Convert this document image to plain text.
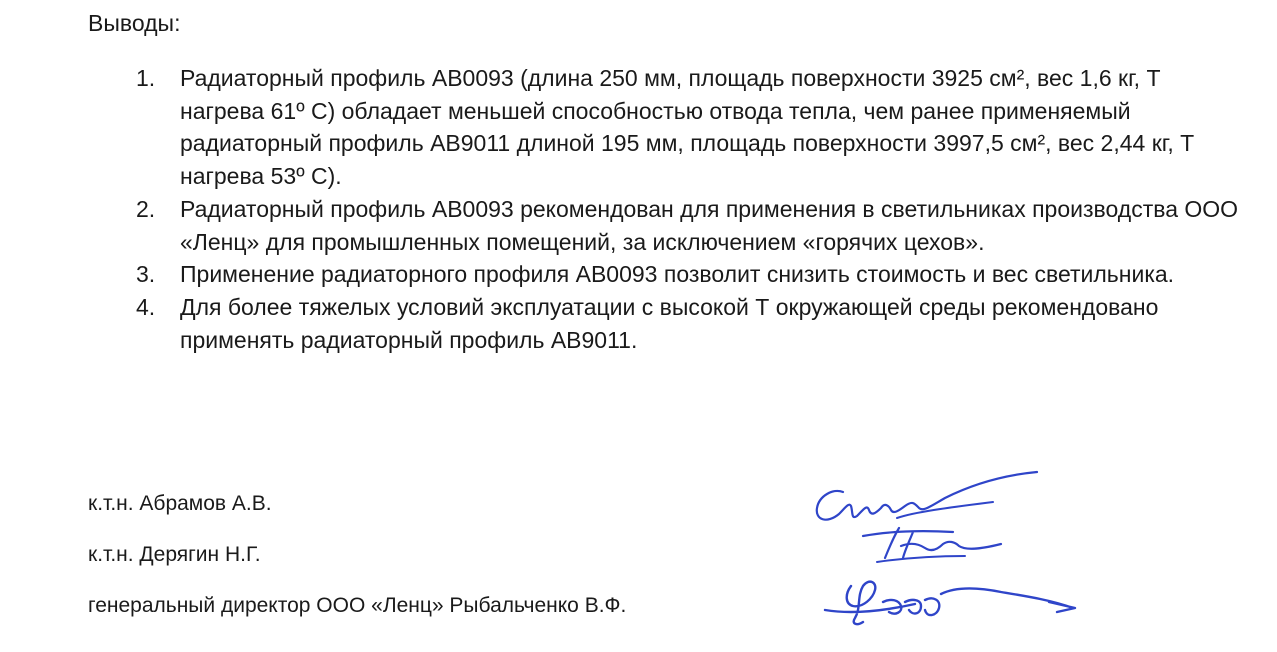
Выводы:
1. Радиаторный профиль АВ0093 (длина 250 мм, площадь поверхности 3925 см², вес 1,6 кг, Т нагрева 61º С) обладает меньшей способностью отвода тепла, чем ранее применяемый радиаторный профиль АВ9011 длиной 195 мм, площадь поверхности 3997,5 см², вес 2,44 кг, Т нагрева 53º С).
2. Радиаторный профиль АВ0093 рекомендован для применения в светильниках производства ООО «Ленц» для промышленных помещений, за исключением «горячих цехов».
3. Применение радиаторного профиля АВ0093 позволит снизить стоимость и вес светильника.
4. Для более тяжелых условий эксплуатации с высокой Т окружающей среды рекомендовано применять радиаторный профиль АВ9011.
к.т.н. Абрамов А.В.
к.т.н. Дерягин Н.Г.
генеральный директор ООО «Ленц» Рыбальченко В.Ф.
